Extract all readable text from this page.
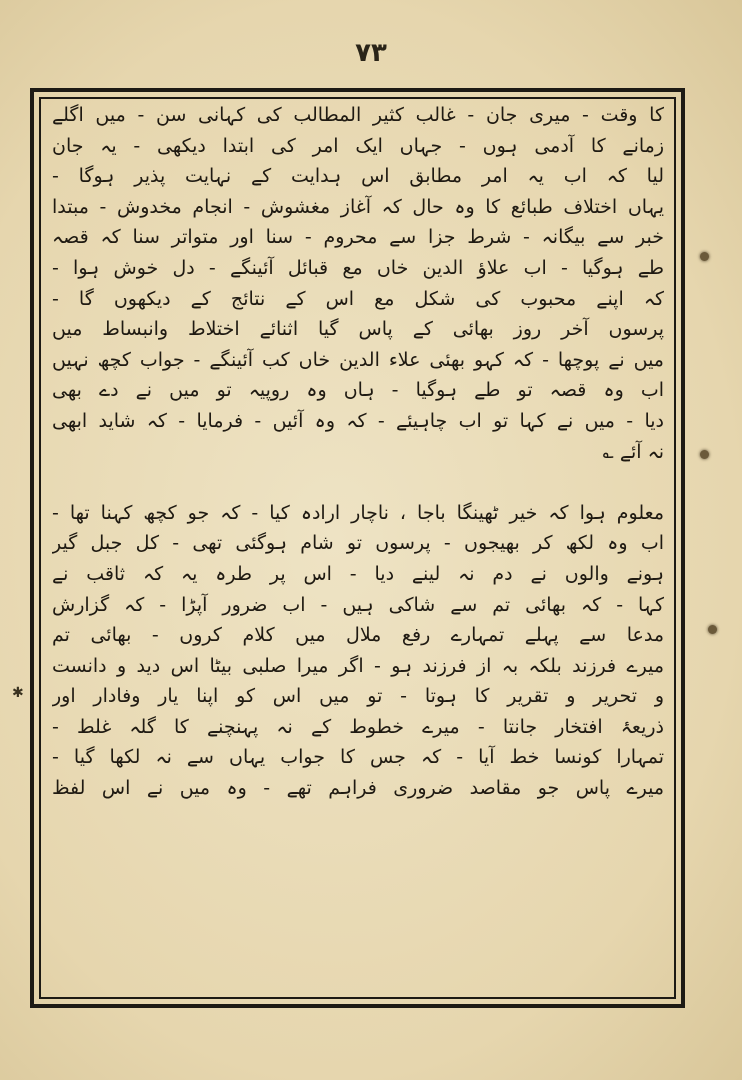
۷۳
کا وقت - میری جان - غالب کثیر المطالب کی کہانی سن - میں اگلے
زمانے کا آدمی ہوں - جہاں ایک امر کی ابتدا دیکھی - یہ جان
لیا کہ اب یہ امر مطابق اس ہدایت کے نہایت پذیر ہوگا -
یہاں اختلاف طبائع کا وہ حال کہ آغاز مغشوش - انجام مخدوش - مبتدا
خبر سے بیگانہ - شرط جزا سے محروم - سنا اور متواتر سنا کہ قصہ
طے ہوگیا - اب علاؤ الدین خاں مع قبائل آئینگے - دل خوش ہوا -
کہ اپنے محبوب کی شکل مع اس کے نتائج کے دیکھوں گا -
پرسوں آخر روز بھائی کے پاس گیا اثنائے اختلاط وانبساط میں
میں نے پوچھا - کہ کہو بھئی علاء الدین خاں کب آئینگے - جواب کچھ نہیں
اب وہ قصہ تو طے ہوگیا - ہاں وہ روپیہ تو میں نے دے بھی
دیا - میں نے کہا تو اب چاہیئے - کہ وہ آئیں - فرمایا - کہ شاید ابھی
نہ آئے ؎
معلوم ہوا کہ خیر ٹھینگا باجا ، ناچار ارادہ کیا - کہ جو کچھ کہنا تھا -
اب وہ لکھ کر بھیجوں - پرسوں تو شام ہوگئی تھی - کل جبل گیر
ہونے والوں نے دم نہ لینے دیا - اس پر طرہ یہ کہ ثاقب نے
کہا - کہ بھائی تم سے شاکی ہیں - اب ضرور آپڑا - کہ گزارش
مدعا سے پہلے تمہارے رفع ملال میں کلام کروں - بھائی تم
میرے فرزند بلکہ بہ از فرزند ہو - اگر میرا صلبی بیٹا اس دید و دانست
و تحریر و تقریر کا ہوتا - تو میں اس کو اپنا یار وفادار اور
ذریعۂ افتخار جانتا - میرے خطوط کے نہ پہنچنے کا گلہ غلط -
تمہارا کونسا خط آیا - کہ جس کا جواب یہاں سے نہ لکھا گیا -
میرے پاس جو مقاصد ضروری فراہم تھے - وہ میں نے اس لفظ
✱
